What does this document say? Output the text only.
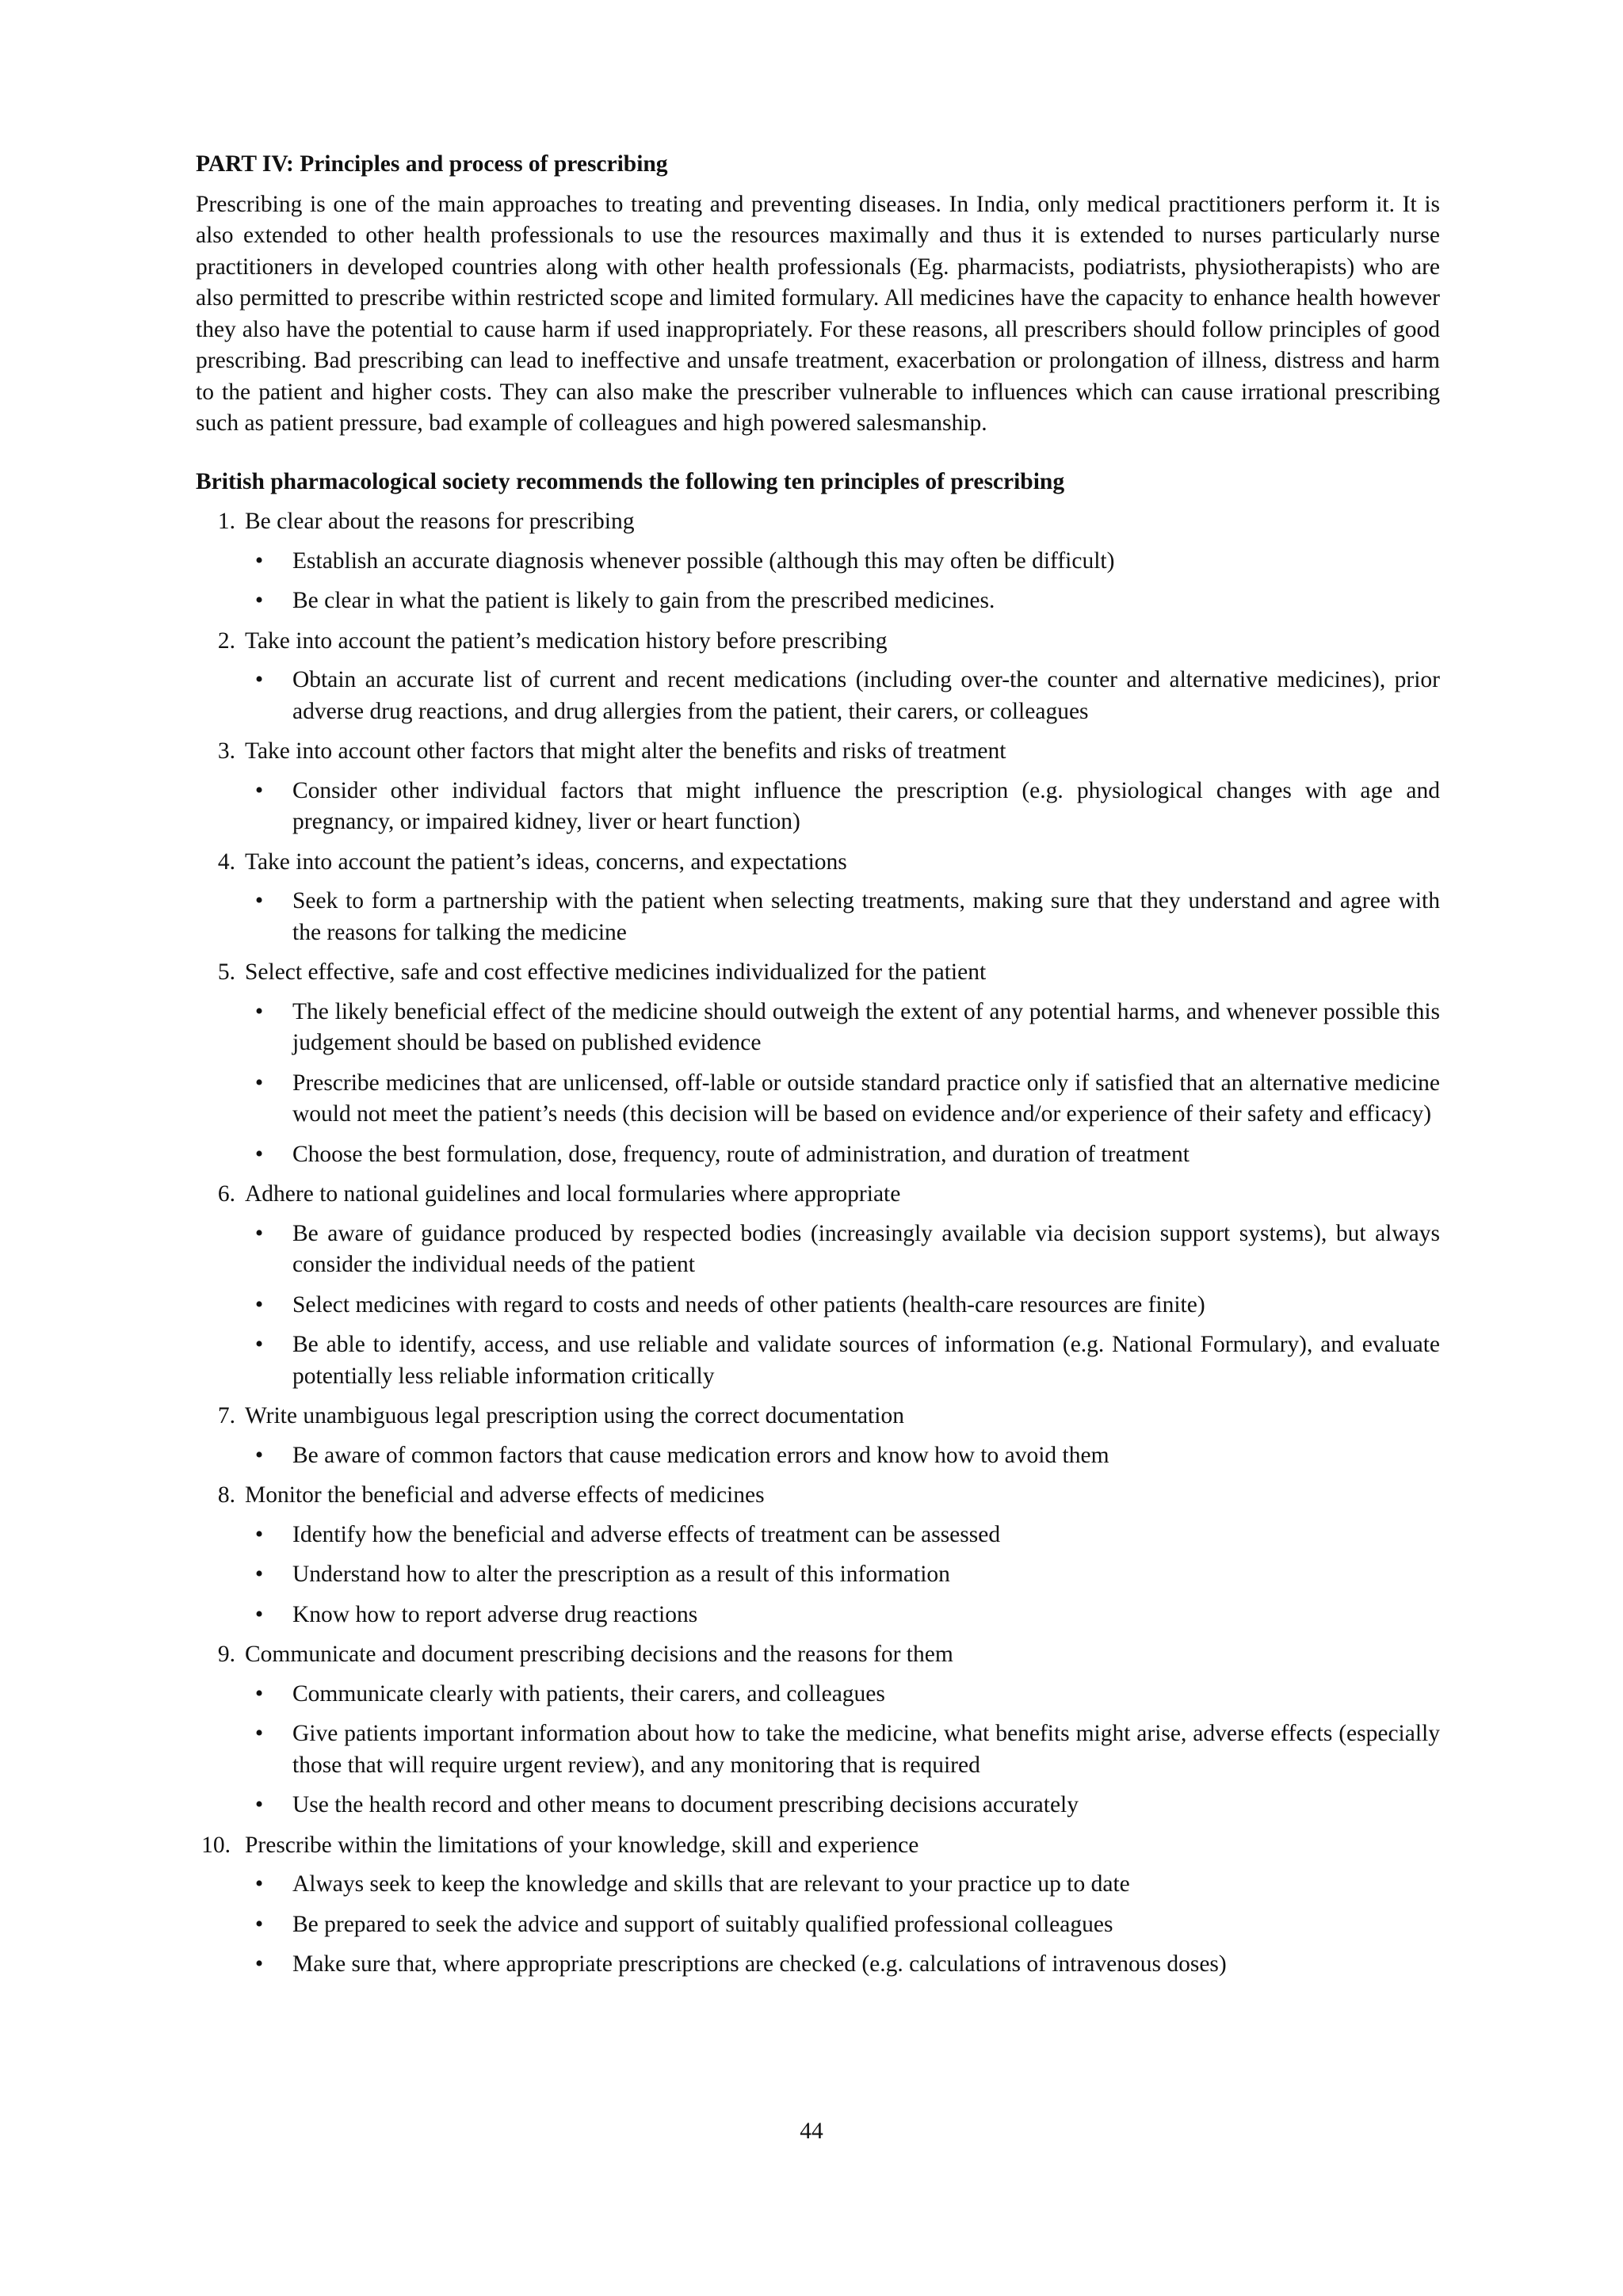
PART IV: Principles and process of prescribing
Prescribing is one of the main approaches to treating and preventing diseases. In India, only medical practitioners perform it. It is also extended to other health professionals to use the resources maximally and thus it is extended to nurses particularly nurse practitioners in developed countries along with other health professionals (Eg. pharmacists, podiatrists, physiotherapists) who are also permitted to prescribe within restricted scope and limited formulary. All medicines have the capacity to enhance health however they also have the potential to cause harm if used inappropriately. For these reasons, all prescribers should follow principles of good prescribing. Bad prescribing can lead to ineffective and unsafe treatment, exacerbation or prolongation of illness, distress and harm to the patient and higher costs. They can also make the prescriber vulnerable to influences which can cause irrational prescribing such as patient pressure, bad example of colleagues and high powered salesmanship.
British pharmacological society recommends the following ten principles of prescribing
1. Be clear about the reasons for prescribing
• Establish an accurate diagnosis whenever possible (although this may often be difficult)
• Be clear in what the patient is likely to gain from the prescribed medicines.
2. Take into account the patient’s medication history before prescribing
• Obtain an accurate list of current and recent medications (including over-the counter and alternative medicines), prior adverse drug reactions, and drug allergies from the patient, their carers, or colleagues
3. Take into account other factors that might alter the benefits and risks of treatment
• Consider other individual factors that might influence the prescription (e.g. physiological changes with age and pregnancy, or impaired kidney, liver or heart function)
4. Take into account the patient’s ideas, concerns, and expectations
• Seek to form a partnership with the patient when selecting treatments, making sure that they understand and agree with the reasons for talking the medicine
5. Select effective, safe and cost effective medicines individualized for the patient
• The likely beneficial effect of the medicine should outweigh the extent of any potential harms, and whenever possible this judgement should be based on published evidence
• Prescribe medicines that are unlicensed, off-lable or outside standard practice only if satisfied that an alternative medicine would not meet the patient’s needs (this decision will be based on evidence and/or experience of their safety and efficacy)
• Choose the best formulation, dose, frequency, route of administration, and duration of treatment
6. Adhere to national guidelines and local formularies where appropriate
• Be aware of guidance produced by respected bodies (increasingly available via decision support systems), but always consider the individual needs of the patient
• Select medicines with regard to costs and needs of other patients (health-care resources are finite)
• Be able to identify, access, and use reliable and validate sources of information (e.g. National Formulary), and evaluate potentially less reliable information critically
7. Write unambiguous legal prescription using the correct documentation
• Be aware of common factors that cause medication errors and know how to avoid them
8. Monitor the beneficial and adverse effects of medicines
• Identify how the beneficial and adverse effects of treatment can be assessed
• Understand how to alter the prescription as a result of this information
• Know how to report adverse drug reactions
9. Communicate and document prescribing decisions and the reasons for them
• Communicate clearly with patients, their carers, and colleagues
• Give patients important information about how to take the medicine, what benefits might arise, adverse effects (especially those that will require urgent review), and any monitoring that is required
• Use the health record and other means to document prescribing decisions accurately
10. Prescribe within the limitations of your knowledge, skill and experience
• Always seek to keep the knowledge and skills that are relevant to your practice up to date
• Be prepared to seek the advice and support of suitably qualified professional colleagues
• Make sure that, where appropriate prescriptions are checked (e.g. calculations of intravenous doses)
44
